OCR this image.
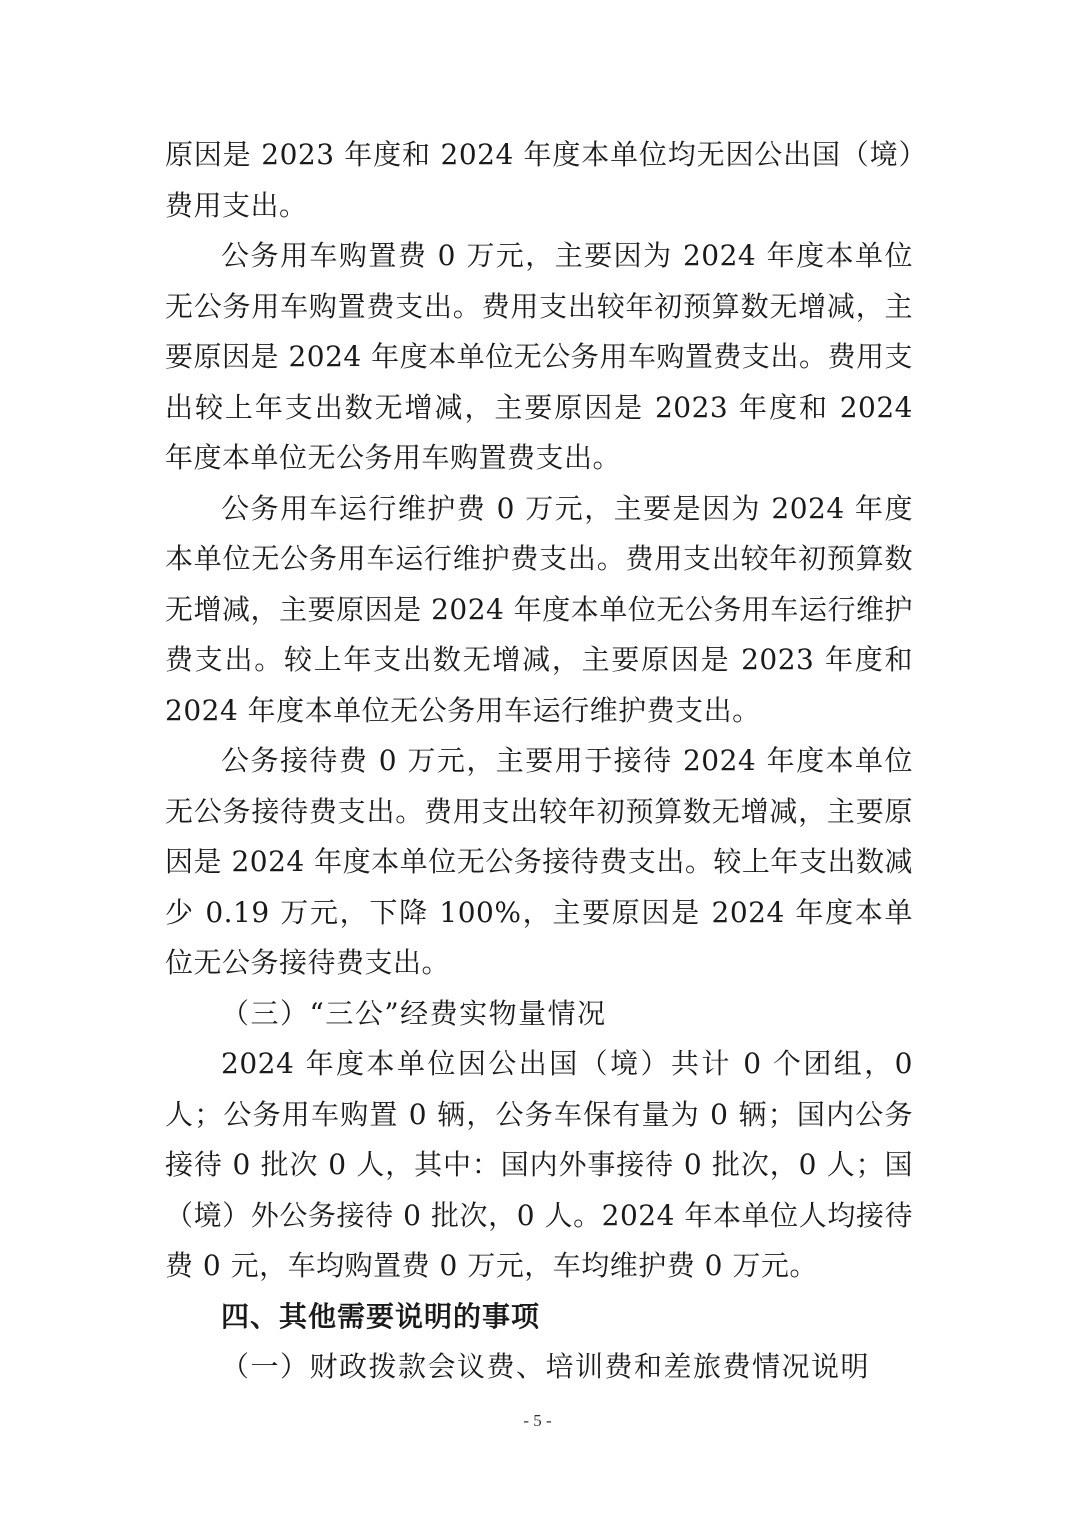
原因是 2023 年度和 2024 年度本单位均无因公出国（境）费用支出。

公务用车购置费 0 万元，主要因为 2024 年度本单位无公务用车购置费支出。费用支出较年初预算数无增减，主要原因是 2024 年度本单位无公务用车购置费支出。费用支出较上年支出数无增减，主要原因是 2023 年度和 2024 年度本单位无公务用车购置费支出。

公务用车运行维护费 0 万元，主要是因为 2024 年度本单位无公务用车运行维护费支出。费用支出较年初预算数无增减，主要原因是 2024 年度本单位无公务用车运行维护费支出。较上年支出数无增减，主要原因是 2023 年度和 2024 年度本单位无公务用车运行维护费支出。

公务接待费 0 万元，主要用于接待 2024 年度本单位无公务接待费支出。费用支出较年初预算数无增减，主要原因是 2024 年度本单位无公务接待费支出。较上年支出数减少 0.19 万元，下降 100%，主要原因是 2024 年度本单位无公务接待费支出。

（三）“三公”经费实物量情况

2024 年度本单位因公出国（境）共计 0 个团组，0 人；公务用车购置 0 辆，公务车保有量为 0 辆；国内公务接待 0 批次 0 人，其中：国内外事接待 0 批次，0 人；国（境）外公务接待 0 批次，0 人。2024 年本单位人均接待费 0 元，车均购置费 0 万元，车均维护费 0 万元。

四、其他需要说明的事项

（一）财政拨款会议费、培训费和差旅费情况说明

- 5 -
